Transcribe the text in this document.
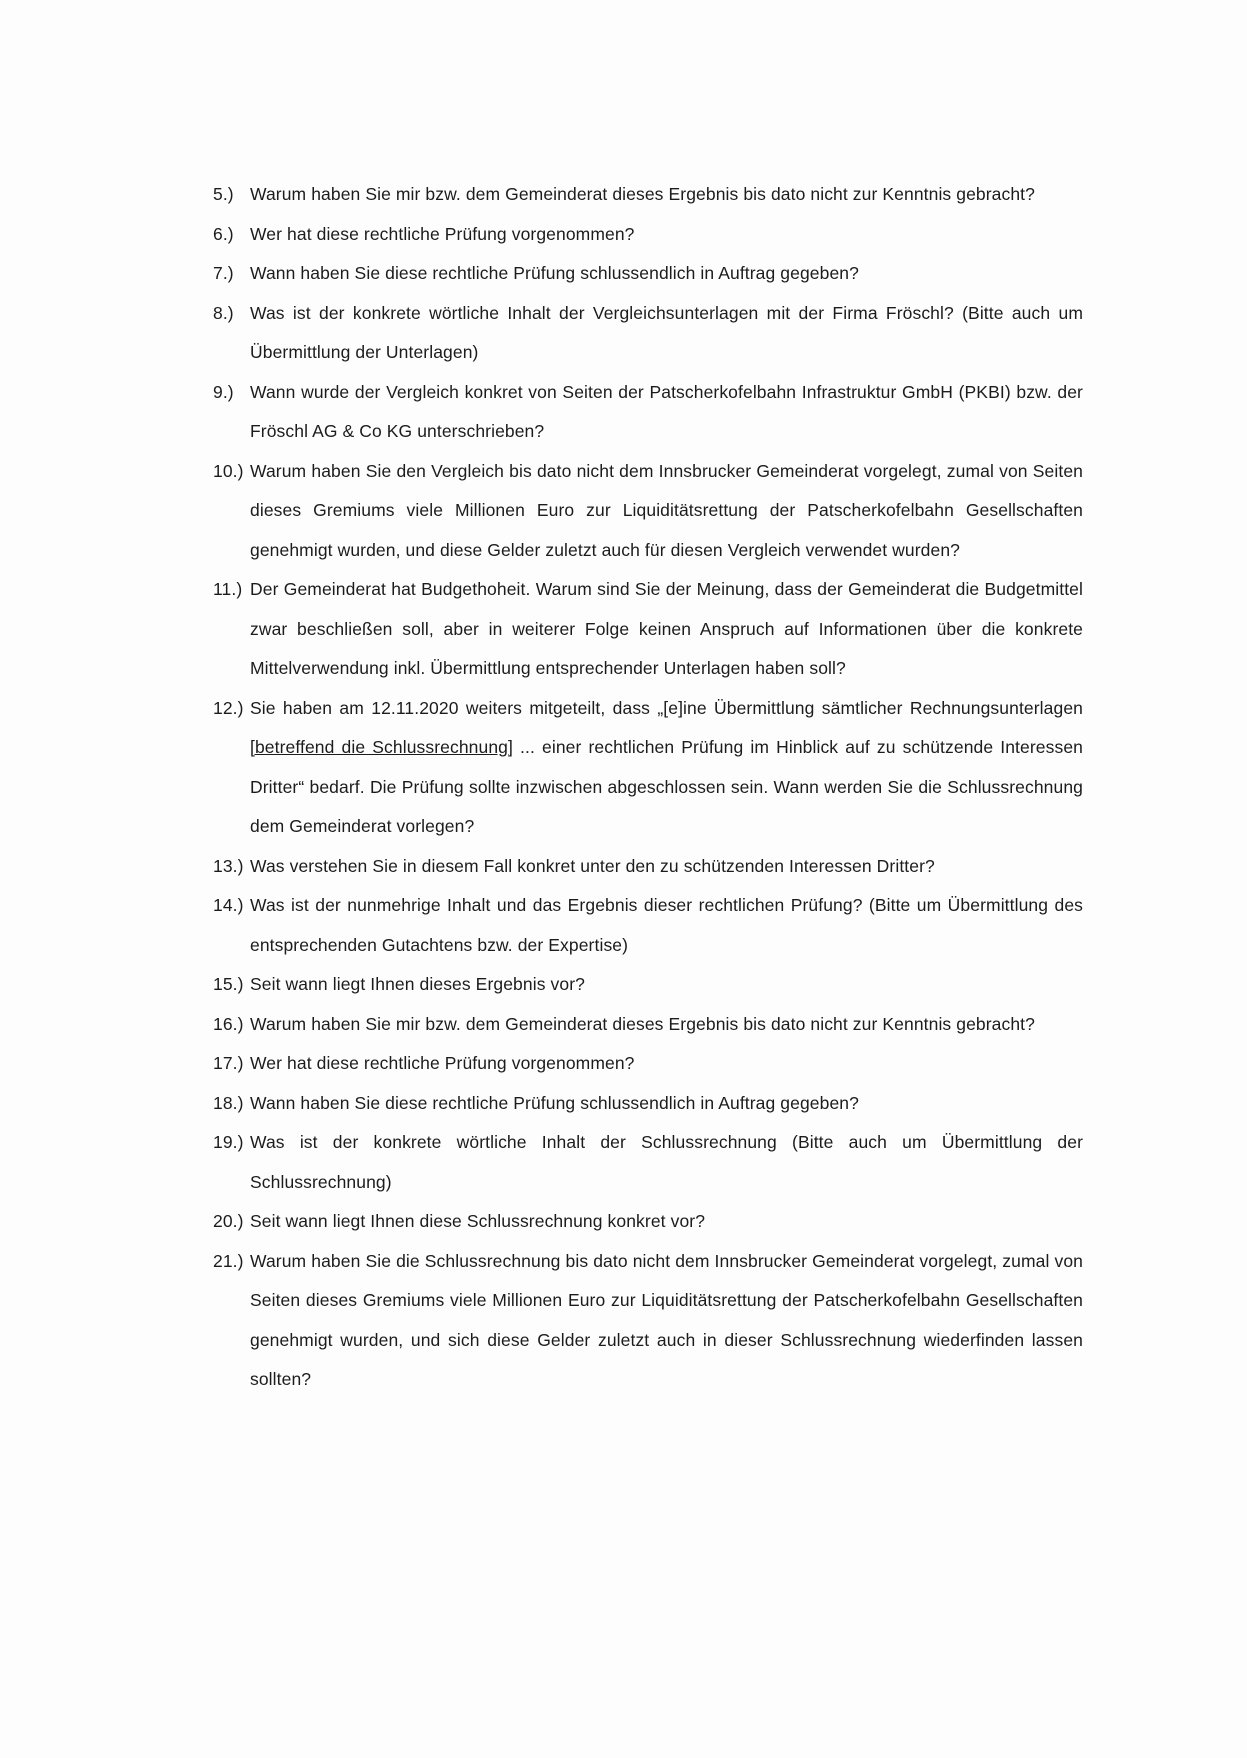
5.) Warum haben Sie mir bzw. dem Gemeinderat dieses Ergebnis bis dato nicht zur Kenntnis gebracht?
6.) Wer hat diese rechtliche Prüfung vorgenommen?
7.) Wann haben Sie diese rechtliche Prüfung schlussendlich in Auftrag gegeben?
8.) Was ist der konkrete wörtliche Inhalt der Vergleichsunterlagen mit der Firma Fröschl? (Bitte auch um Übermittlung der Unterlagen)
9.) Wann wurde der Vergleich konkret von Seiten der Patscherkofelbahn Infrastruktur GmbH (PKBI) bzw. der Fröschl AG & Co KG unterschrieben?
10.) Warum haben Sie den Vergleich bis dato nicht dem Innsbrucker Gemeinderat vorgelegt, zumal von Seiten dieses Gremiums viele Millionen Euro zur Liquiditätsrettung der Patscherkofelbahn Gesellschaften genehmigt wurden, und diese Gelder zuletzt auch für diesen Vergleich verwendet wurden?
11.) Der Gemeinderat hat Budgethoheit. Warum sind Sie der Meinung, dass der Gemeinderat die Budgetmittel zwar beschließen soll, aber in weiterer Folge keinen Anspruch auf Informationen über die konkrete Mittelverwendung inkl. Übermittlung entsprechender Unterlagen haben soll?
12.) Sie haben am 12.11.2020 weiters mitgeteilt, dass „[e]ine Übermittlung sämtlicher Rechnungsunterlagen [betreffend die Schlussrechnung] ... einer rechtlichen Prüfung im Hinblick auf zu schützende Interessen Dritter“ bedarf. Die Prüfung sollte inzwischen abgeschlossen sein. Wann werden Sie die Schlussrechnung dem Gemeinderat vorlegen?
13.) Was verstehen Sie in diesem Fall konkret unter den zu schützenden Interessen Dritter?
14.) Was ist der nunmehrige Inhalt und das Ergebnis dieser rechtlichen Prüfung? (Bitte um Übermittlung des entsprechenden Gutachtens bzw. der Expertise)
15.) Seit wann liegt Ihnen dieses Ergebnis vor?
16.) Warum haben Sie mir bzw. dem Gemeinderat dieses Ergebnis bis dato nicht zur Kenntnis gebracht?
17.) Wer hat diese rechtliche Prüfung vorgenommen?
18.) Wann haben Sie diese rechtliche Prüfung schlussendlich in Auftrag gegeben?
19.) Was ist der konkrete wörtliche Inhalt der Schlussrechnung (Bitte auch um Übermittlung der Schlussrechnung)
20.) Seit wann liegt Ihnen diese Schlussrechnung konkret vor?
21.) Warum haben Sie die Schlussrechnung bis dato nicht dem Innsbrucker Gemeinderat vorgelegt, zumal von Seiten dieses Gremiums viele Millionen Euro zur Liquiditätsrettung der Patscherkofelbahn Gesellschaften genehmigt wurden, und sich diese Gelder zuletzt auch in dieser Schlussrechnung wiederfinden lassen sollten?
